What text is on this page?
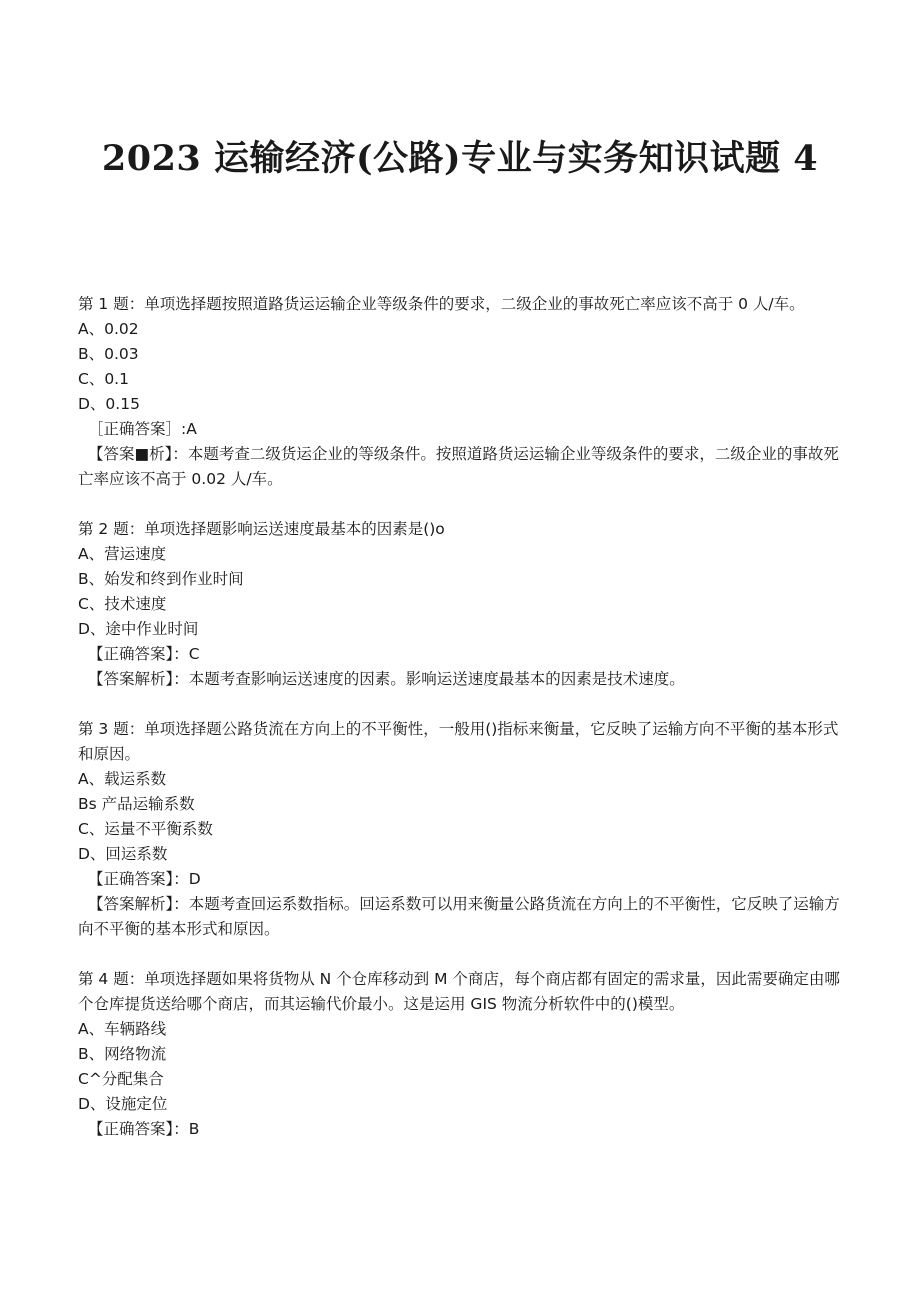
2023 运输经济(公路)专业与实务知识试题 4

第 1 题：单项选择题按照道路货运运输企业等级条件的要求，二级企业的事故死亡率应该不高于 0 人/车。

A、0.02

B、0.03

C、0.1

D、0.15

［正确答案］:A

【答案■析】：本题考查二级货运企业的等级条件。按照道路货运运输企业等级条件的要求，二级企业的事故死亡率应该不高于 0.02 人/车。

第 2 题：单项选择题影响运送速度最基本的因素是()o

A、营运速度

B、始发和终到作业时间

C、技术速度

D、途中作业时间

【正确答案】：C

【答案解析】：本题考查影响运送速度的因素。影响运送速度最基本的因素是技术速度。

第 3 题：单项选择题公路货流在方向上的不平衡性，一般用()指标来衡量，它反映了运输方向不平衡的基本形式和原因。

A、载运系数

Bs 产品运输系数

C、运量不平衡系数

D、回运系数

【正确答案】：D

【答案解析】：本题考查回运系数指标。回运系数可以用来衡量公路货流在方向上的不平衡性，它反映了运输方向不平衡的基本形式和原因。

第 4 题：单项选择题如果将货物从 N 个仓库移动到 M 个商店，每个商店都有固定的需求量，因此需要确定由哪个仓库提货送给哪个商店，而其运输代价最小。这是运用 GIS 物流分析软件中的()模型。

A、车辆路线

B、网络物流

C^分配集合

D、设施定位

【正确答案】：B
